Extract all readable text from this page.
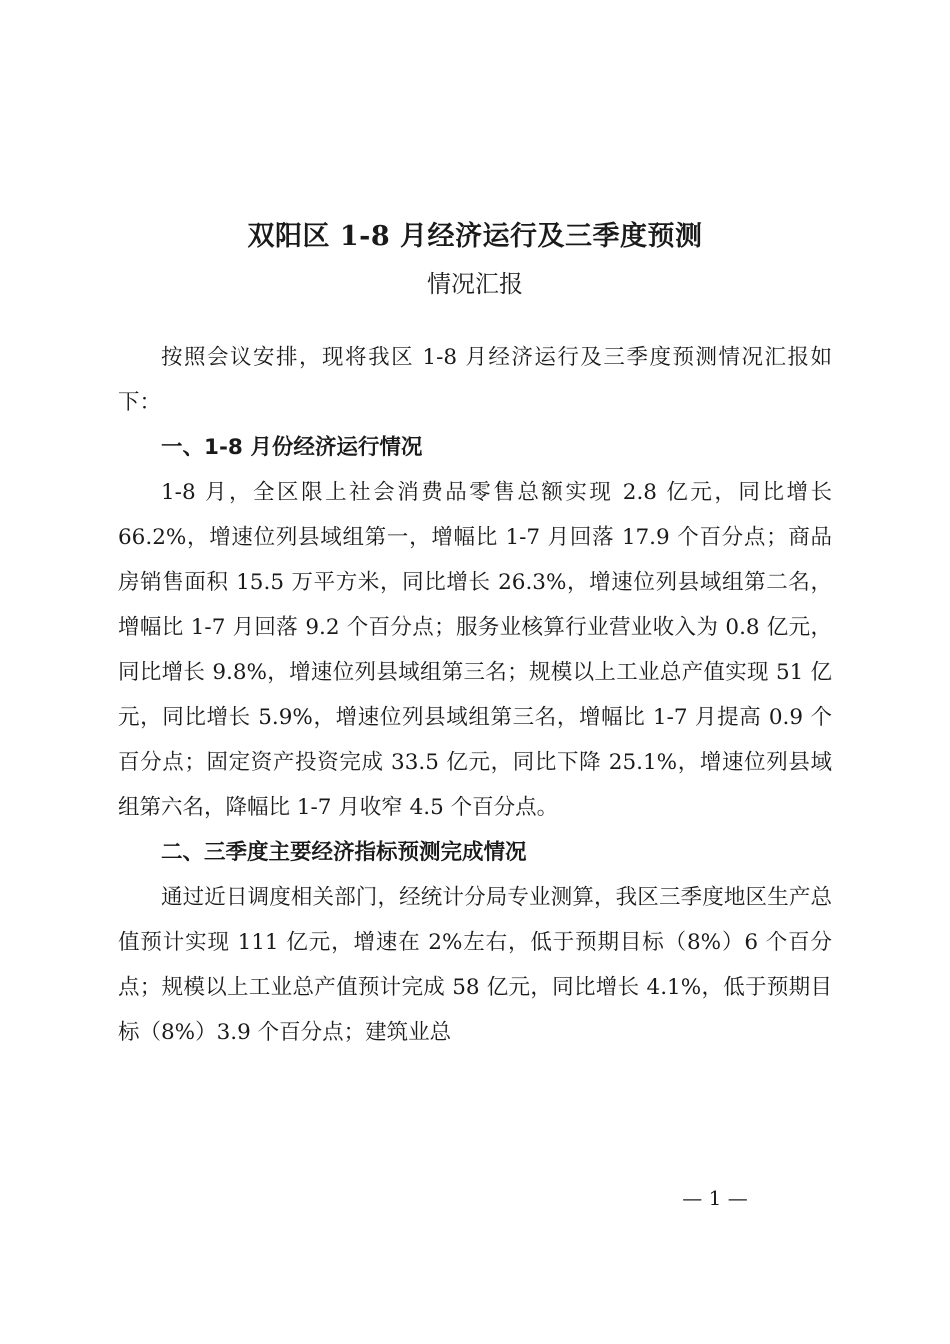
双阳区 1-8 月经济运行及三季度预测
情况汇报

按照会议安排，现将我区 1-8 月经济运行及三季度预测情况汇报如下：

一、1-8 月份经济运行情况

1-8 月，全区限上社会消费品零售总额实现 2.8 亿元，同比增长 66.2%，增速位列县域组第一，增幅比 1-7 月回落 17.9 个百分点；商品房销售面积 15.5 万平方米，同比增长 26.3%，增速位列县域组第二名，增幅比 1-7 月回落 9.2 个百分点；服务业核算行业营业收入为 0.8 亿元，同比增长 9.8%，增速位列县域组第三名；规模以上工业总产值实现 51 亿元，同比增长 5.9%，增速位列县域组第三名，增幅比 1-7 月提高 0.9 个百分点；固定资产投资完成 33.5 亿元，同比下降 25.1%，增速位列县域组第六名，降幅比 1-7 月收窄 4.5 个百分点。

二、三季度主要经济指标预测完成情况

通过近日调度相关部门，经统计分局专业测算，我区三季度地区生产总值预计实现 111 亿元，增速在 2%左右，低于预期目标（8%）6 个百分点；规模以上工业总产值预计完成 58 亿元，同比增长 4.1%，低于预期目标（8%）3.9 个百分点；建筑业总

— 1 —
